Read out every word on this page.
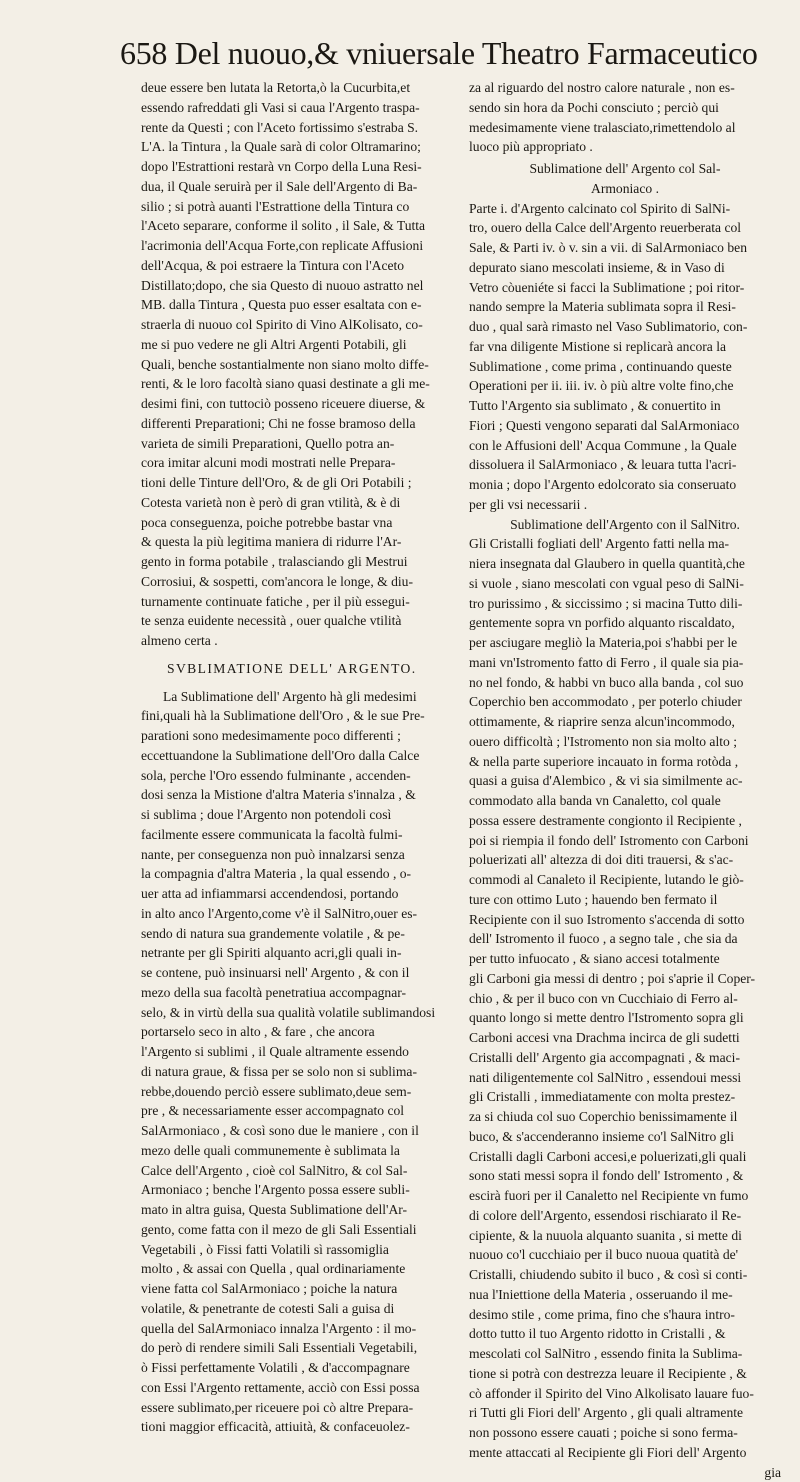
658 Del nuouo,& vniuersale Theatro Farmaceutico

deue essere ben lutata la Retorta,ò la Cucurbita,et

essendo rafreddati gli Vasi si caua l'Argento traspa-

rente da Questi ; con l'Aceto fortissimo s'estraba S.

L'A. la Tintura , la Quale sarà di color Oltramarino;

dopo l'Estrattioni restarà vn Corpo della Luna Resi-

dua, il Quale seruirà per il Sale dell'Argento di Ba-

silio ; si potrà auanti l'Estrattione della Tintura co

l'Aceto separare, conforme il solito , il Sale, & Tutta

l'acrimonia dell'Acqua Forte,con replicate Affusioni

dell'Acqua, & poi estraere la Tintura con l'Aceto

Distillato;dopo, che sia Questo di nuouo astratto nel

MB. dalla Tintura , Questa puo esser esaltata con e-

straerla di nuouo col Spirito di Vino AlKolisato, co-

me si puo vedere ne gli Altri Argenti Potabili, gli

Quali, benche sostantialmente non siano molto diffe-

renti, & le loro facoltà siano quasi destinate a gli me-

desimi fini, con tuttociò posseno riceuere diuerse, &

differenti Preparationi; Chi ne fosse bramoso della

varieta de simili Preparationi, Quello potra an-

cora imitar alcuni modi mostrati nelle Prepara-

tioni delle Tinture dell'Oro, & de gli Ori Potabili ;

Cotesta varietà non è però di gran vtilità, & è di

poca conseguenza, poiche potrebbe bastar vna

& questa la più legitima maniera di ridurre l'Ar-

gento in forma potabile , tralasciando gli Mestrui

Corrosiui, & sospetti, com'ancora le longe, & diu-

turnamente continuate fatiche , per il più essegui-

te senza euidente necessità , ouer qualche vtilità

almeno certa .

SVBLIMATIONE DELL' ARGENTO.

La Sublimatione dell' Argento hà gli medesimi

fini,quali hà la Sublimatione dell'Oro , & le sue Pre-

parationi sono medesimamente poco differenti ;

eccettuandone la Sublimatione dell'Oro dalla Calce

sola, perche l'Oro essendo fulminante , accenden-

dosi senza la Mistione d'altra Materia s'innalza , &

si sublima ; doue l'Argento non potendoli così

facilmente essere communicata la facoltà fulmi-

nante, per conseguenza non può innalzarsi senza

la compagnia d'altra Materia , la qual essendo , o-

uer atta ad infiammarsi accendendosi, portando

in alto anco l'Argento,come v'è il SalNitro,ouer es-

sendo di natura sua grandemente volatile , & pe-

netrante per gli Spiriti alquanto acri,gli quali in-

se contene, può insinuarsi nell' Argento , & con il

mezo della sua facoltà penetratiua accompagnar-

selo, & in virtù della sua qualità volatile sublimandosi

portarselo seco in alto , & fare , che ancora

l'Argento si sublimi , il Quale altramente essendo

di natura graue, & fissa per se solo non si sublima-

rebbe,douendo perciò essere sublimato,deue sem-

pre , & necessariamente esser accompagnato col

SalArmoniaco , & così sono due le maniere , con il

mezo delle quali communemente è sublimata la

Calce dell'Argento , cioè col SalNitro, & col Sal-

Armoniaco ; benche l'Argento possa essere subli-

mato in altra guisa, Questa Sublimatione dell'Ar-

gento, come fatta con il mezo de gli Sali Essentiali

Vegetabili , ò Fissi fatti Volatili sì rassomiglia

molto , & assai con Quella , qual ordinariamente

viene fatta col SalArmoniaco ; poiche la natura

volatile, & penetrante de cotesti Sali a guisa di

quella del SalArmoniaco innalza l'Argento : il mo-

do però di rendere simili Sali Essentiali Vegetabili,

ò Fissi perfettamente Volatili , & d'accompagnare

con Essi l'Argento rettamente, acciò con Essi possa

essere sublimato,per riceuere poi cò altre Prepara-

tioni maggior efficacità, attiuità, & confaceuolez-

za al riguardo del nostro calore naturale , non es-

sendo sin hora da Pochi consciuto ; perciò qui

medesimamente viene tralasciato,rimettendolo al

luoco più appropriato .

Sublimatione dell' Argento col Sal-

Armoniaco .

Parte i. d'Argento calcinato col Spirito di SalNi-

tro, ouero della Calce dell'Argento reuerberata col

Sale, & Parti iv. ò v. sin a vii. di SalArmoniaco ben

depurato siano mescolati insieme, & in Vaso di

Vetro còueniéte si facci la Sublimatione ; poi ritor-

nando sempre la Materia sublimata sopra il Resi-

duo , qual sarà rimasto nel Vaso Sublimatorio, con-

far vna diligente Mistione si replicarà ancora la

Sublimatione , come prima , continuando queste

Operationi per ii. iii. iv. ò più altre volte fino,che

Tutto l'Argento sia sublimato , & conuertito in

Fiori ; Questi vengono separati dal SalArmoniaco

con le Affusioni dell' Acqua Commune , la Quale

dissoluera il SalArmoniaco , & leuara tutta l'acri-

monia ; dopo l'Argento edolcorato sia conseruato

per gli vsi necessarii .

Sublimatione dell'Argento con il SalNitro.

Gli Cristalli fogliati dell' Argento fatti nella ma-

niera insegnata dal Glaubero in quella quantità,che

si vuole , siano mescolati con vgual peso di SalNi-

tro purissimo , & siccissimo ; si macina Tutto dili-

gentemente sopra vn porfido alquanto riscaldato,

per asciugare megliò la Materia,poi s'habbi per le

mani vn'Istromento fatto di Ferro , il quale sia pia-

no nel fondo, & habbi vn buco alla banda , col suo

Coperchio ben accommodato , per poterlo chiuder

ottimamente, & riaprire senza alcun'incommodo,

ouero difficoltà ; l'Istromento non sia molto alto ;

& nella parte superiore incauato in forma rotòda ,

quasi a guisa d'Alembico , & vi sia similmente ac-

commodato alla banda vn Canaletto, col quale

possa essere destramente congionto il Recipiente ,

poi si riempia il fondo dell' Istromento con Carboni

poluerizati all' altezza di doi diti trauersi, & s'ac-

commodi al Canaleto il Recipiente, lutando le giò-

ture con ottimo Luto ; hauendo ben fermato il

Recipiente con il suo Istromento s'accenda di sotto

dell' Istromento il fuoco , a segno tale , che sia da

per tutto infuocato , & siano accesi totalmente

gli Carboni gia messi di dentro ; poi s'aprie il Coper-

chio , & per il buco con vn Cucchiaio di Ferro al-

quanto longo si mette dentro l'Istromento sopra gli

Carboni accesi vna Drachma incirca de gli sudetti

Cristalli dell' Argento gia accompagnati , & maci-

nati diligentemente col SalNitro , essendoui messi

gli Cristalli , immediatamente con molta prestez-

za si chiuda col suo Coperchio benissimamente il

buco, & s'accenderanno insieme co'l SalNitro gli

Cristalli dagli Carboni accesi,e poluerizati,gli quali

sono stati messi sopra il fondo dell' Istromento , &

escirà fuori per il Canaletto nel Recipiente vn fumo

di colore dell'Argento, essendosi rischiarato il Re-

cipiente, & la nuuola alquanto suanita , si mette di

nuouo co'l cucchiaio per il buco nuoua quatità de'

Cristalli, chiudendo subito il buco , & così si conti-

nua l'Iniettione della Materia , osseruando il me-

desimo stile , come prima, fino che s'haura intro-

dotto tutto il tuo Argento ridotto in Cristalli , &

mescolati col SalNitro , essendo finita la Sublima-

tione si potrà con destrezza leuare il Recipiente , &

cò affonder il Spirito del Vino Alkolisato lauare fuo-

ri Tutti gli Fiori dell' Argento , gli quali altramente

non possono essere cauati ; poiche si sono ferma-

mente attaccati al Recipiente gli Fiori dell' Argento

gia
